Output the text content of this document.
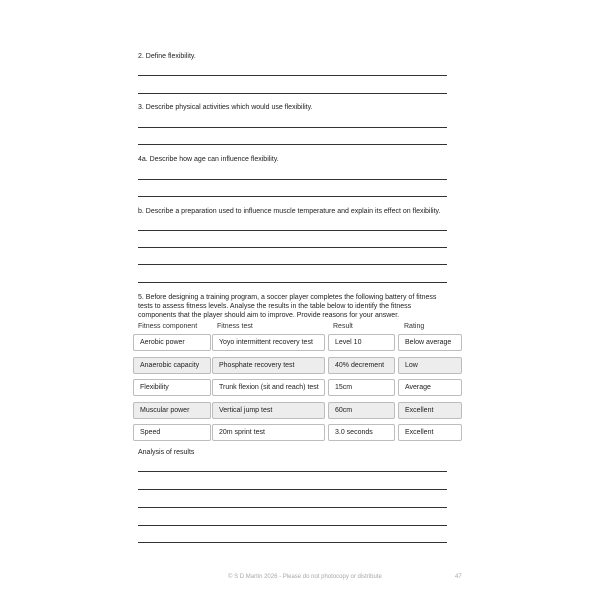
2. Define flexibility.
3. Describe physical activities which would use flexibility.
4a. Describe how age can influence flexibility.
b. Describe a preparation used to influence muscle temperature and explain its effect on flexibility.
5. Before designing a training program, a soccer player completes the following battery of fitness tests to assess fitness levels. Analyse the results in the table below to identify the fitness components that the player should aim to improve. Provide reasons for your answer.
Fitness component	Fitness test	Result	Rating
Aerobic power	Yoyo intermittent recovery test	Level 10	Below average
Anaerobic capacity	Phosphate recovery test	40% decrement	Low
Flexibility	Trunk flexion (sit and reach) test	15cm	Average
Muscular power	Vertical jump test	60cm	Excellent
Speed	20m sprint test	3.0 seconds	Excellent
Analysis of results
© S D Martin 2026 - Please do not photocopy or distribute	47
